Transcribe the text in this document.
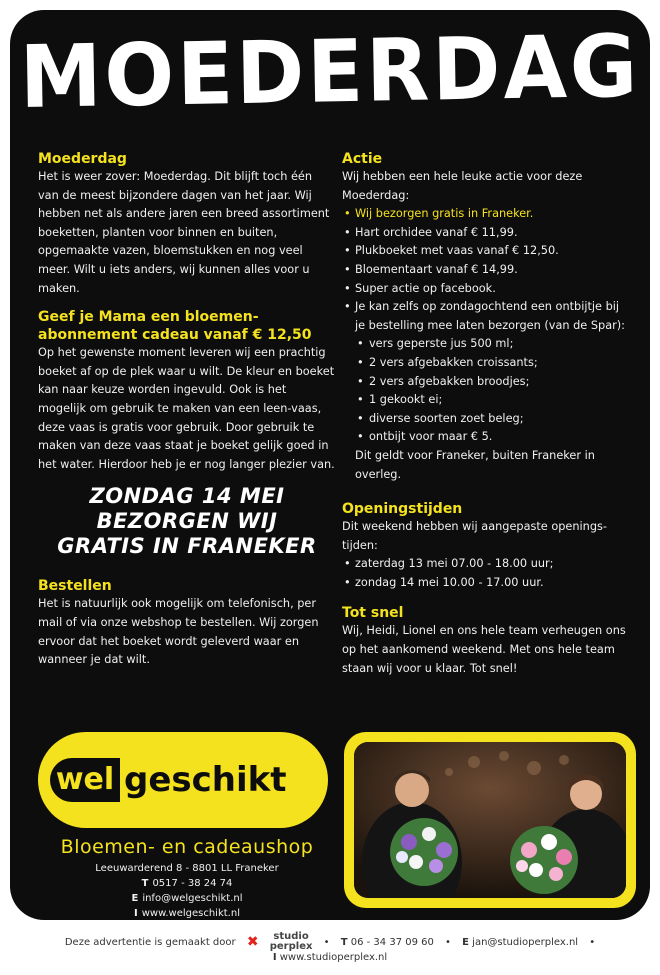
MOEDERDAG
Moederdag

Het is weer zover: Moederdag. Dit blijft toch één van de meest bijzondere dagen van het jaar. Wij hebben net als andere jaren een breed assortiment boeketten, planten voor binnen en buiten, opgemaakte vazen, bloemstukken en nog veel meer. Wilt u iets anders, wij kunnen alles voor u maken.

Geef je Mama een bloemen-abonnement cadeau vanaf € 12,50

Op het gewenste moment leveren wij een prachtig boeket af op de plek waar u wilt. De kleur en boeket kan naar keuze worden ingevuld. Ook is het mogelijk om gebruik te maken van een leen-vaas, deze vaas is gratis voor gebruik. Door gebruik te maken van deze vaas staat je boeket gelijk goed in het water. Hierdoor heb je er nog langer plezier van.

ZONDAG 14 MEI
BEZORGEN WIJ
GRATIS IN FRANEKER
Bestellen

Het is natuurlijk ook mogelijk om telefonisch, per mail of via onze webshop te bestellen. Wij zorgen ervoor dat het boeket wordt geleverd waar en wanneer je dat wilt.

Actie

Wij hebben een hele leuke actie voor deze Moederdag:

• Wij bezorgen gratis in Franeker.
• Hart orchidee vanaf € 11,99.
• Plukboeket met vaas vanaf € 12,50.
• Bloementaart vanaf € 14,99.
• Super actie op facebook.
• Je kan zelfs op zondagochtend een ontbijtje bij je bestelling mee laten bezorgen (van de Spar):
• vers geperste jus 500 ml;
• 2 vers afgebakken croissants;
• 2 vers afgebakken broodjes;
• 1 gekookt ei;
• diverse soorten zoet beleg;
• ontbijt voor maar € 5.

Dit geldt voor Franeker, buiten Franeker in overleg.

Openingstijden

Dit weekend hebben wij aangepaste openings-tijden:

• zaterdag 13 mei 07.00 - 18.00 uur;
• zondag 14 mei 10.00 - 17.00 uur.
Tot snel

Wij, Heidi, Lionel en ons hele team verheugen ons op het aankomend weekend. Met ons hele team staan wij voor u klaar. Tot snel!

wel geschikt
Bloemen- en cadeaushop
Leeuwarderend 8 - 8801 LL Franeker
T 0517 - 38 24 74
E info@welgeschikt.nl
I www.welgeschikt.nl
Deze advertentie is gemaakt door ✖	studio
perplex • T 06 - 34 37 09 60 • E jan@studioperplex.nl • I www.studioperplex.nl
